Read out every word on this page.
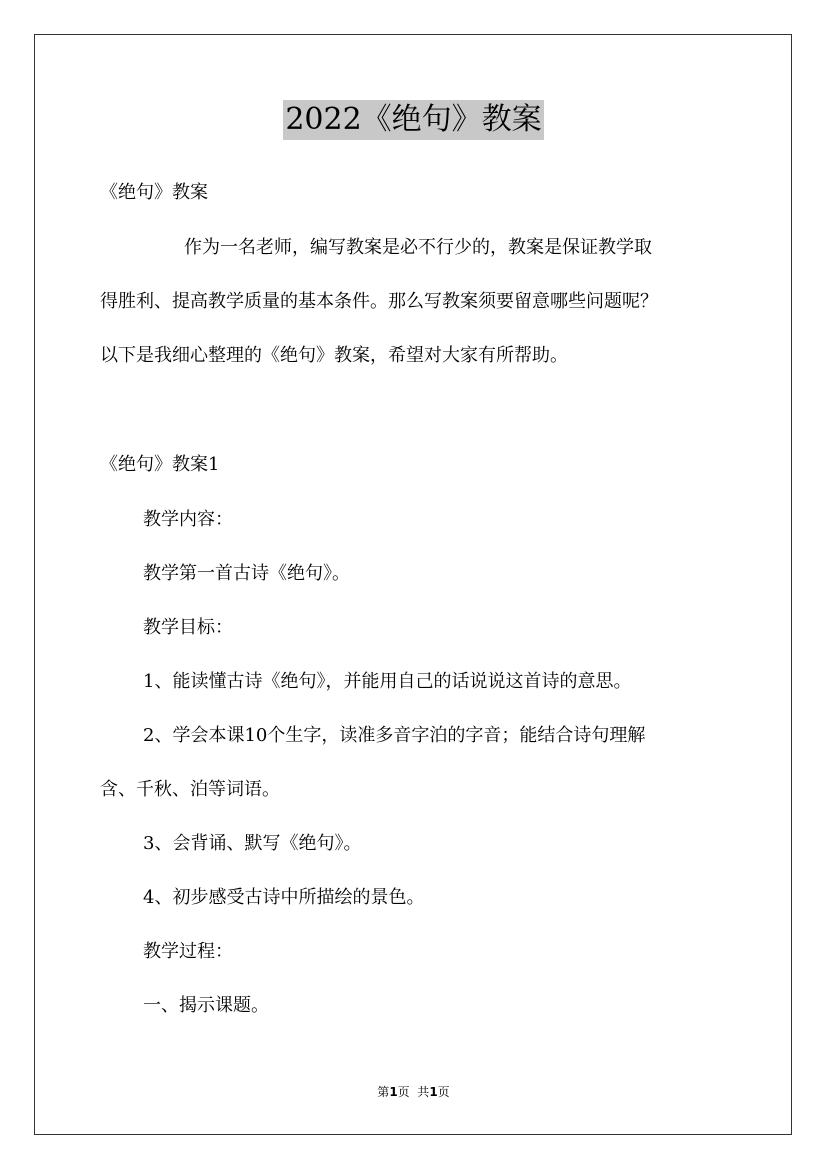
2022《绝句》教案
《绝句》教案
作为一名老师，编写教案是必不行少的，教案是保证教学取
得胜利、提高教学质量的基本条件。那么写教案须要留意哪些问题呢？
以下是我细心整理的《绝句》教案，希望对大家有所帮助。
《绝句》教案1
教学内容：
教学第一首古诗《绝句》。
教学目标：
1、能读懂古诗《绝句》，并能用自己的话说说这首诗的意思。
2、学会本课10个生字，读准多音字泊的字音；能结合诗句理解
含、千秋、泊等词语。
3、会背诵、默写《绝句》。
4、初步感受古诗中所描绘的景色。
教学过程：
一、揭示课题。
第1页  共1页
